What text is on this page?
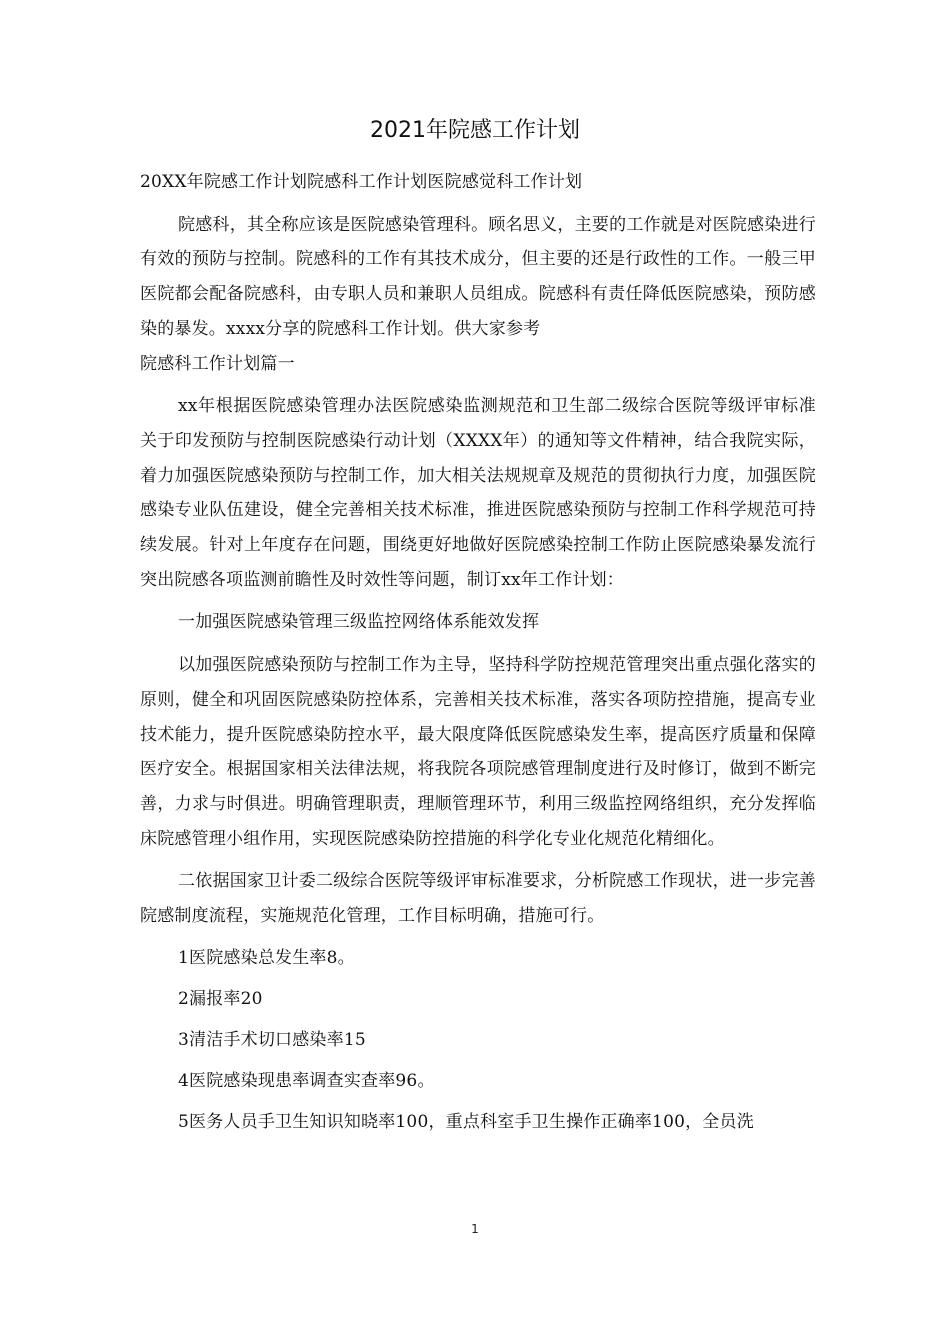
2021年院感工作计划

20XX年院感工作计划院感科工作计划医院感觉科工作计划

院感科，其全称应该是医院感染管理科。顾名思义，主要的工作就是对医院感染进行有效的预防与控制。院感科的工作有其技术成分，但主要的还是行政性的工作。一般三甲医院都会配备院感科，由专职人员和兼职人员组成。院感科有责任降低医院感染，预防感染的暴发。xxxx分享的院感科工作计划。供大家参考

院感科工作计划篇一

xx年根据医院感染管理办法医院感染监测规范和卫生部二级综合医院等级评审标准关于印发预防与控制医院感染行动计划（XXXX年）的通知等文件精神，结合我院实际，着力加强医院感染预防与控制工作，加大相关法规规章及规范的贯彻执行力度，加强医院感染专业队伍建设，健全完善相关技术标准，推进医院感染预防与控制工作科学规范可持续发展。针对上年度存在问题，围绕更好地做好医院感染控制工作防止医院感染暴发流行突出院感各项监测前瞻性及时效性等问题，制订xx年工作计划：

一加强医院感染管理三级监控网络体系能效发挥

以加强医院感染预防与控制工作为主导，坚持科学防控规范管理突出重点强化落实的原则，健全和巩固医院感染防控体系，完善相关技术标准，落实各项防控措施，提高专业技术能力，提升医院感染防控水平，最大限度降低医院感染发生率，提高医疗质量和保障医疗安全。根据国家相关法律法规，将我院各项院感管理制度进行及时修订，做到不断完善，力求与时俱进。明确管理职责，理顺管理环节，利用三级监控网络组织，充分发挥临床院感管理小组作用，实现医院感染防控措施的科学化专业化规范化精细化。

二依据国家卫计委二级综合医院等级评审标准要求，分析院感工作现状，进一步完善院感制度流程，实施规范化管理，工作目标明确，措施可行。

1医院感染总发生率8。

2漏报率20

3清洁手术切口感染率15

4医院感染现患率调查实查率96。

5医务人员手卫生知识知晓率100，重点科室手卫生操作正确率100，全员洗

1
